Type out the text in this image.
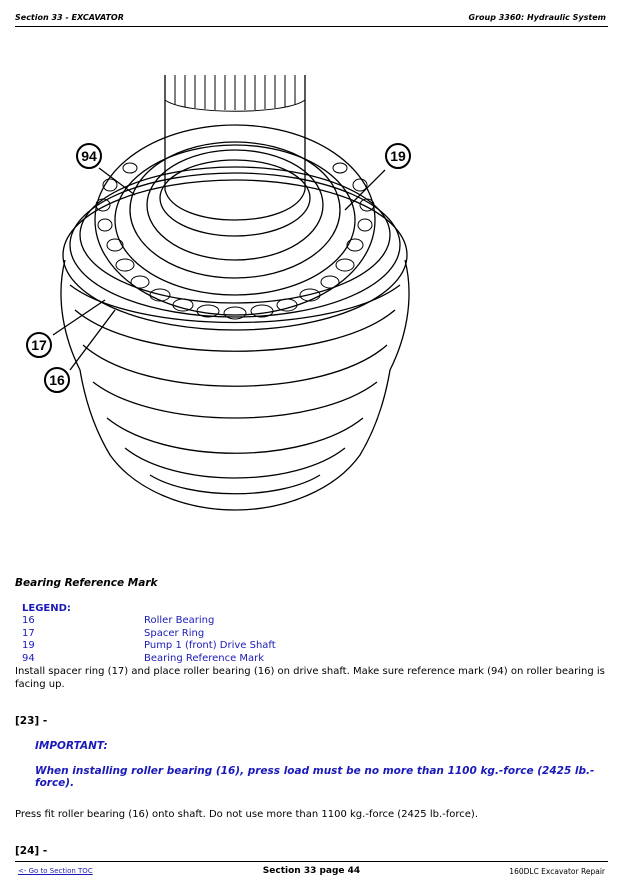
Section 33 - EXCAVATOR	Group 3360: Hydraulic System
94	19
17
16
Bearing Reference Mark
LEGEND:
16	Roller Bearing
17	Spacer Ring
19	Pump 1 (front) Drive Shaft
94	Bearing Reference Mark
Install spacer ring (17) and place roller bearing (16) on drive shaft. Make sure reference mark (94) on roller bearing is facing up.
[23] -
IMPORTANT:
When installing roller bearing (16), press load must be no more than 1100 kg.-force (2425 lb.-force).
Press fit roller bearing (16) onto shaft. Do not use more than 1100 kg.-force (2425 lb.-force).
[24] -
<- Go to Section TOC	Section 33 page 44	160DLC Excavator Repair
